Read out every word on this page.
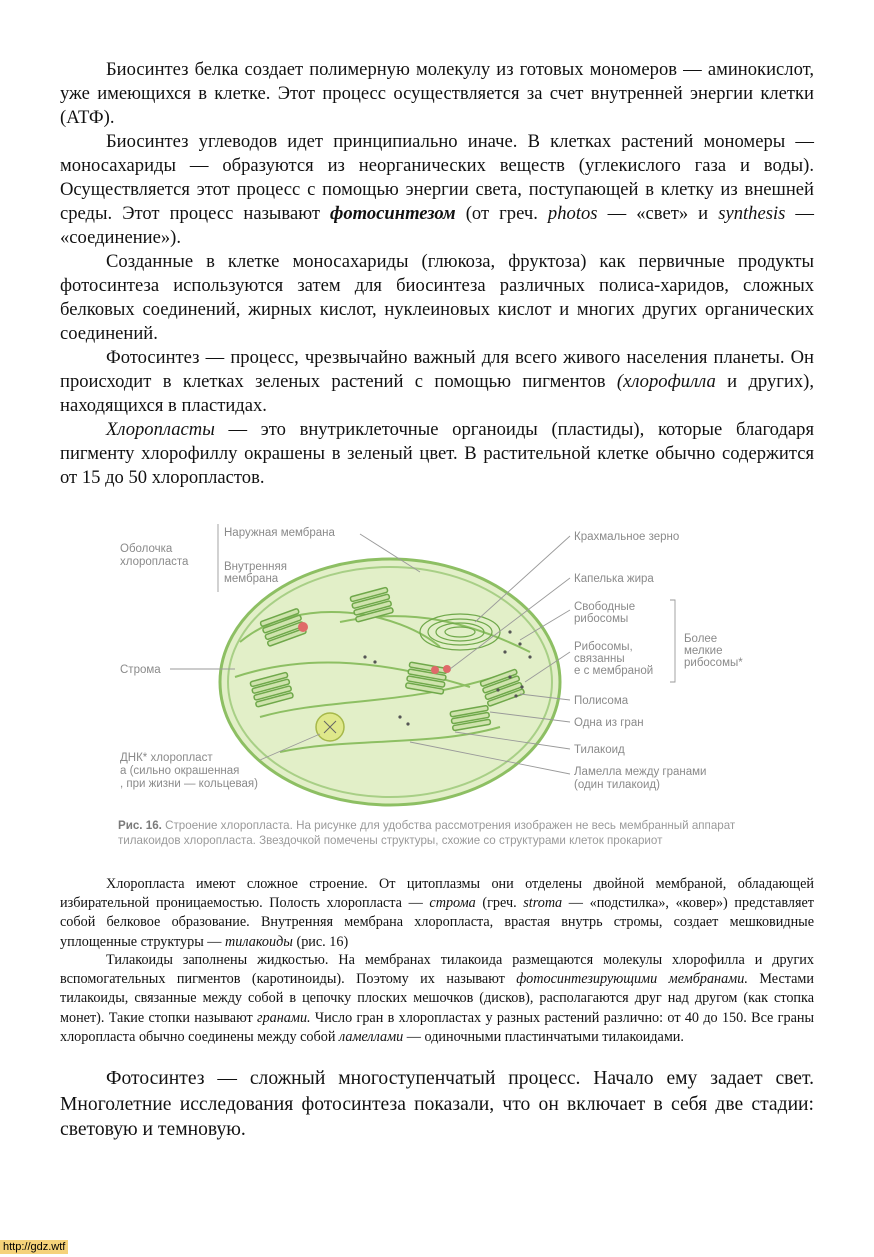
Биосинтез белка создает полимерную молекулу из готовых мономеров — аминокислот, уже имеющихся в клетке. Этот процесс осуществляется за счет внутренней энергии клетки (АТФ).

Биосинтез углеводов идет принципиально иначе. В клетках растений мономеры — моносахариды — образуются из неорганических веществ (углекислого газа и воды). Осуществляется этот процесс с помощью энергии света, поступающей в клетку из внешней среды. Этот процесс называют фотосинтезом (от греч. photos — «свет» и synthesis — «соединение»).

Созданные в клетке моносахариды (глюкоза, фруктоза) как первичные продукты фотосинтеза используются затем для биосинтеза различных полиса-харидов, сложных белковых соединений, жирных кислот, нуклеиновых кислот и многих других органических соединений.

Фотосинтез — процесс, чрезвычайно важный для всего живого населения планеты. Он происходит в клетках зеленых растений с помощью пигментов (хлорофилла и других), находящихся в пластидах.

Хлоропласты — это внутриклеточные органоиды (пластиды), которые благодаря пигменту хлорофиллу окрашены в зеленый цвет. В растительной клетке обычно содержится от 15 до 50 хлоропластов.

Оболочка хлоропласта
Наружная мембрана
Внутренняя мембрана
Строма
ДНК* хлоропласт а (сильно окрашенная , при жизни — кольцевая)
Крахмальное зерно
Капелька жира
Свободные рибосомы
Рибосомы, связанны е с мембраной
Полисома
Одна из гран
Тилакоид
Ламелла между гранами (один тилакоид)
Более мелкие рибосомы*
Рис. 16. Строение хлоропласта. На рисунке для удобства рассмотрения изображен не весь мембранный аппарат тилакоидов хлоропласта. Звездочкой помечены структуры, схожие со структурами клеток прокариот

Хлоропласта имеют сложное строение. От цитоплазмы они отделены двойной мембраной, обладающей избирательной проницаемостью. Полость хлоропласта — строма (греч. stroma — «подстилка», «ковер») представляет собой белковое образование. Внутренняя мембрана хлоропласта, врастая внутрь стромы, создает мешковидные уплощенные структуры — тилакоиды (рис. 16)

Тилакоиды заполнены жидкостью. На мембранах тилакоида размещаются молекулы хлорофилла и других вспомогательных пигментов (каротиноиды). Поэтому их называют фотосинтезирующими мембранами. Местами тилакоиды, связанные между собой в цепочку плоских мешочков (дисков), располагаются друг над другом (как стопка монет). Такие стопки называют гранами. Число гран в хлоропластах у разных растений различно: от 40 до 150. Все граны хлоропласта обычно соединены между собой ламеллами — одиночными пластинчатыми тилакоидами.

Фотосинтез — сложный многоступенчатый процесс. Начало ему задает свет. Многолетние исследования фотосинтеза показали, что он включает в себя две стадии: световую и темновую.

http://gdz.wtf
